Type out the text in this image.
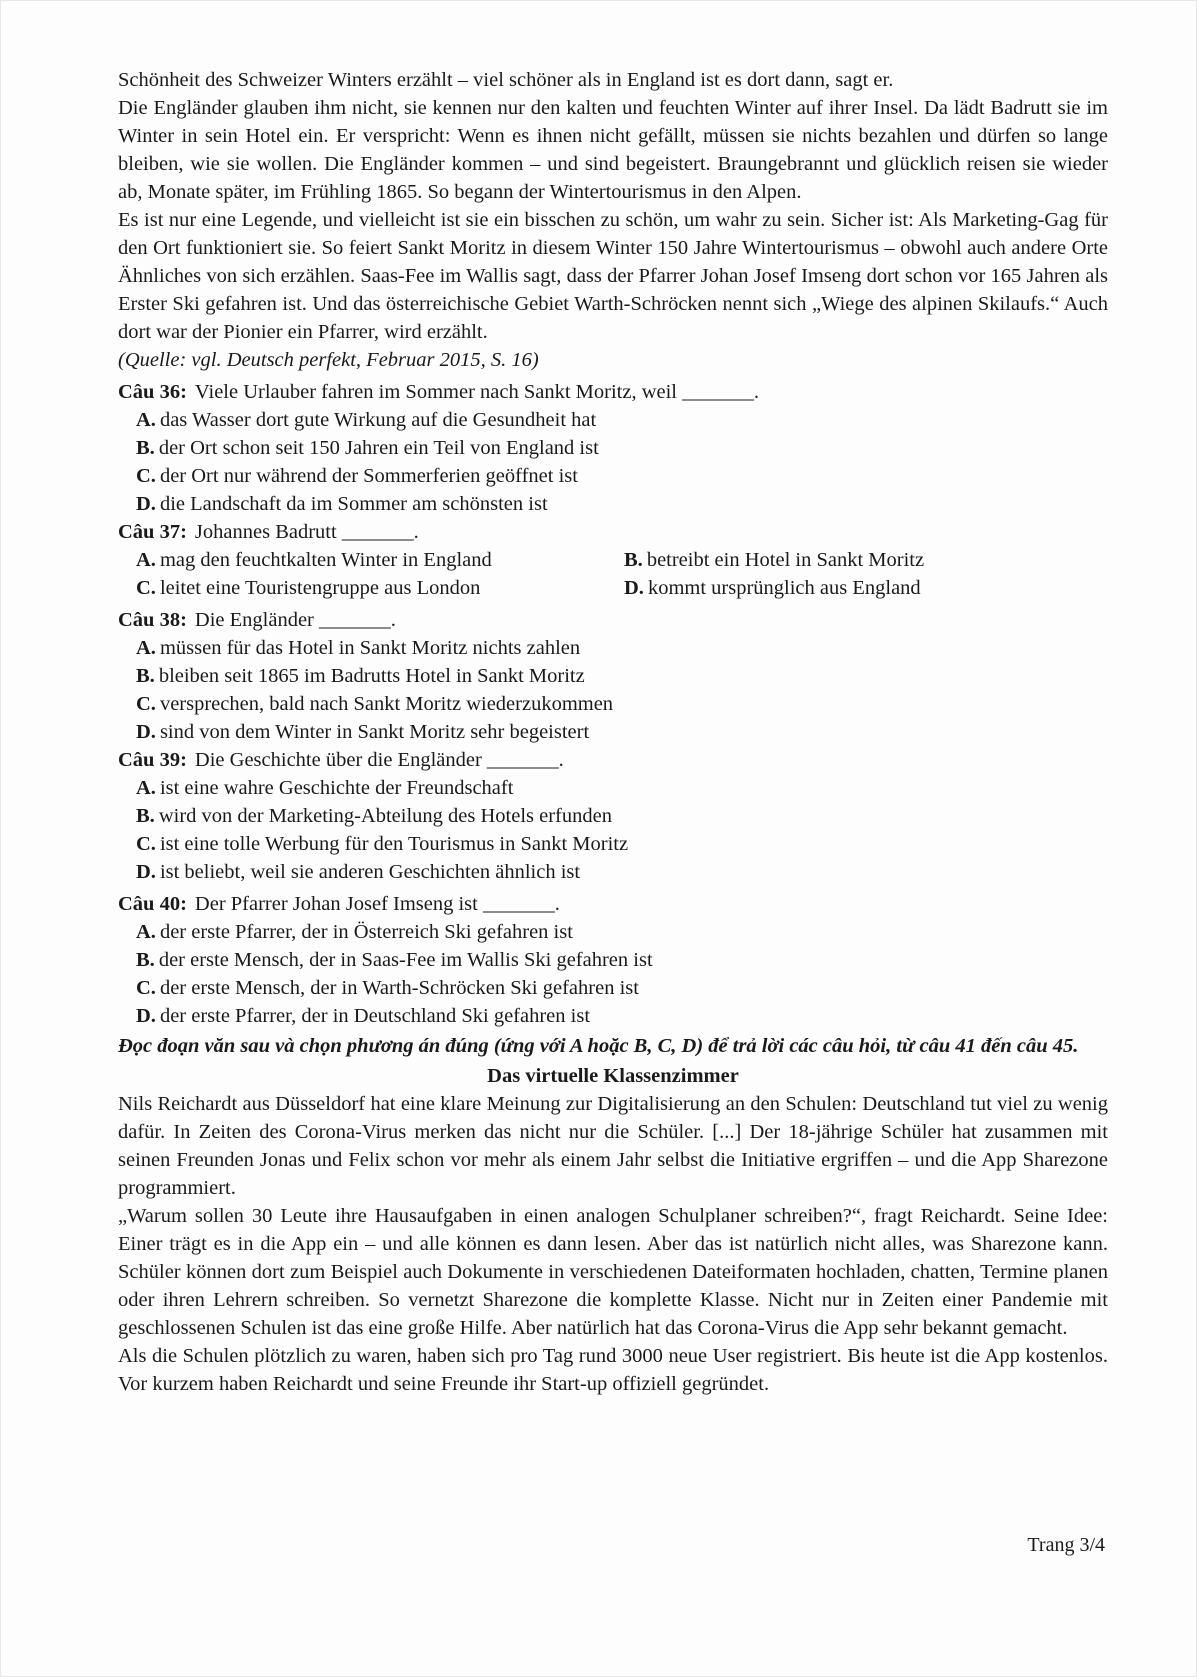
Schönheit des Schweizer Winters erzählt – viel schöner als in England ist es dort dann, sagt er.

Die Engländer glauben ihm nicht, sie kennen nur den kalten und feuchten Winter auf ihrer Insel. Da lädt Badrutt sie im Winter in sein Hotel ein. Er verspricht: Wenn es ihnen nicht gefällt, müssen sie nichts bezahlen und dürfen so lange bleiben, wie sie wollen. Die Engländer kommen – und sind begeistert. Braungebrannt und glücklich reisen sie wieder ab, Monate später, im Frühling 1865. So begann der Wintertourismus in den Alpen.

Es ist nur eine Legende, und vielleicht ist sie ein bisschen zu schön, um wahr zu sein. Sicher ist: Als Marketing-Gag für den Ort funktioniert sie. So feiert Sankt Moritz in diesem Winter 150 Jahre Wintertourismus – obwohl auch andere Orte Ähnliches von sich erzählen. Saas-Fee im Wallis sagt, dass der Pfarrer Johan Josef Imseng dort schon vor 165 Jahren als Erster Ski gefahren ist. Und das österreichische Gebiet Warth-Schröcken nennt sich „Wiege des alpinen Skilaufs.“ Auch dort war der Pionier ein Pfarrer, wird erzählt.

(Quelle: vgl. Deutsch perfekt, Februar 2015, S. 16)

Câu 36: Viele Urlauber fahren im Sommer nach Sankt Moritz, weil _______.
A. das Wasser dort gute Wirkung auf die Gesundheit hat
B. der Ort schon seit 150 Jahren ein Teil von England ist
C. der Ort nur während der Sommerferien geöffnet ist
D. die Landschaft da im Sommer am schönsten ist
Câu 37: Johannes Badrutt _______.
A. mag den feuchtkalten Winter in England	B. betreibt ein Hotel in Sankt Moritz
C. leitet eine Touristengruppe aus London	D. kommt ursprünglich aus England
Câu 38: Die Engländer _______.
A. müssen für das Hotel in Sankt Moritz nichts zahlen
B. bleiben seit 1865 im Badrutts Hotel in Sankt Moritz
C. versprechen, bald nach Sankt Moritz wiederzukommen
D. sind von dem Winter in Sankt Moritz sehr begeistert
Câu 39: Die Geschichte über die Engländer _______.
A. ist eine wahre Geschichte der Freundschaft
B. wird von der Marketing-Abteilung des Hotels erfunden
C. ist eine tolle Werbung für den Tourismus in Sankt Moritz
D. ist beliebt, weil sie anderen Geschichten ähnlich ist
Câu 40: Der Pfarrer Johan Josef Imseng ist _______.
A. der erste Pfarrer, der in Österreich Ski gefahren ist
B. der erste Mensch, der in Saas-Fee im Wallis Ski gefahren ist
C. der erste Mensch, der in Warth-Schröcken Ski gefahren ist
D. der erste Pfarrer, der in Deutschland Ski gefahren ist

Đọc đoạn văn sau và chọn phương án đúng (ứng với A hoặc B, C, D) để trả lời các câu hỏi, từ câu 41 đến câu 45.

Das virtuelle Klassenzimmer

Nils Reichardt aus Düsseldorf hat eine klare Meinung zur Digitalisierung an den Schulen: Deutschland tut viel zu wenig dafür. In Zeiten des Corona-Virus merken das nicht nur die Schüler. [...] Der 18-jährige Schüler hat zusammen mit seinen Freunden Jonas und Felix schon vor mehr als einem Jahr selbst die Initiative ergriffen – und die App Sharezone programmiert.

„Warum sollen 30 Leute ihre Hausaufgaben in einen analogen Schulplaner schreiben?“, fragt Reichardt. Seine Idee: Einer trägt es in die App ein – und alle können es dann lesen. Aber das ist natürlich nicht alles, was Sharezone kann. Schüler können dort zum Beispiel auch Dokumente in verschiedenen Dateiformaten hochladen, chatten, Termine planen oder ihren Lehrern schreiben. So vernetzt Sharezone die komplette Klasse. Nicht nur in Zeiten einer Pandemie mit geschlossenen Schulen ist das eine große Hilfe. Aber natürlich hat das Corona-Virus die App sehr bekannt gemacht.

Als die Schulen plötzlich zu waren, haben sich pro Tag rund 3000 neue User registriert. Bis heute ist die App kostenlos. Vor kurzem haben Reichardt und seine Freunde ihr Start-up offiziell gegründet.

Trang 3/4
